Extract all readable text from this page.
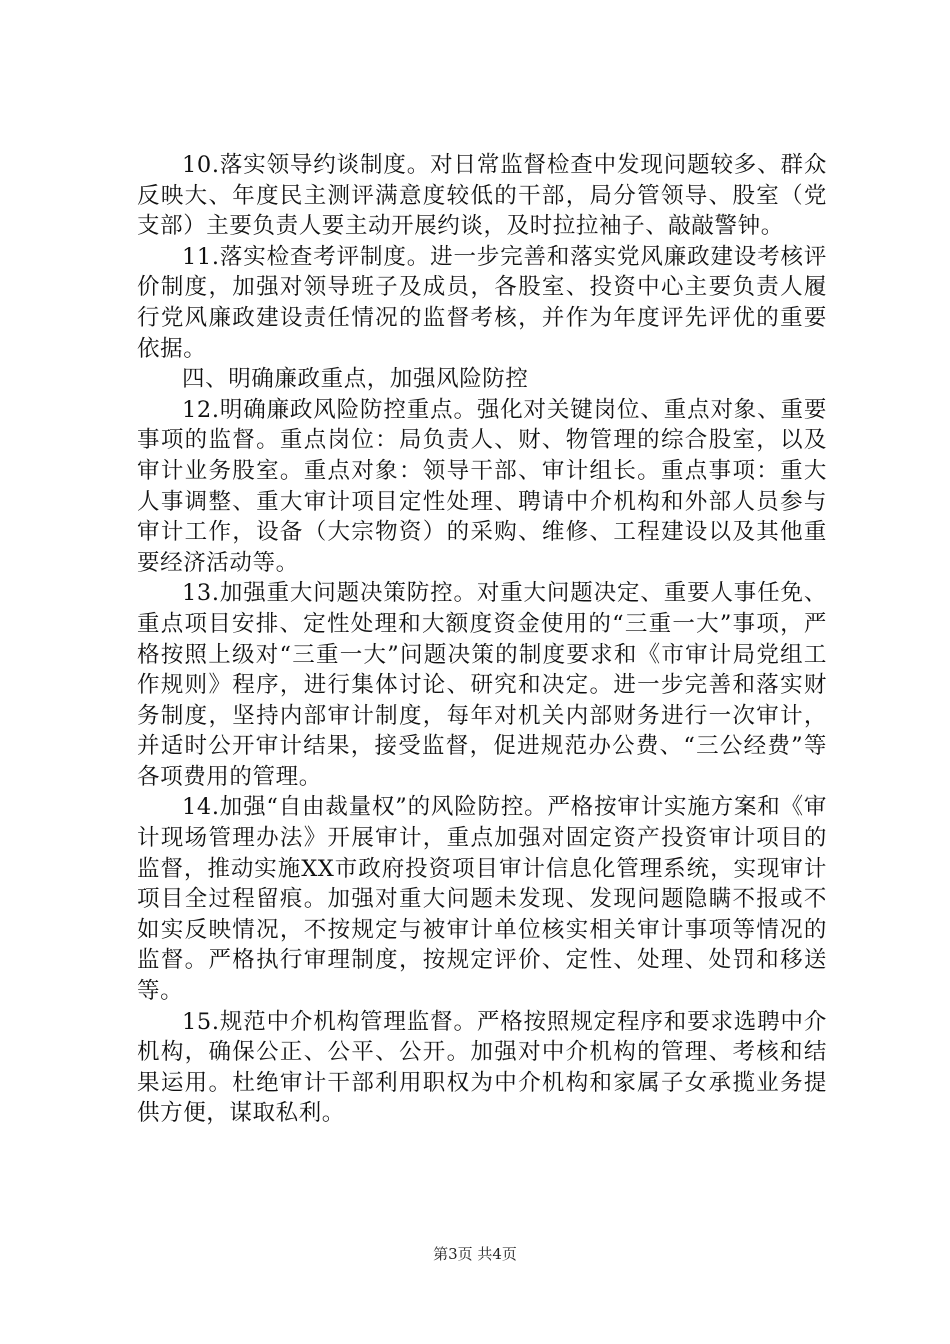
10.落实领导约谈制度。对日常监督检查中发现问题较多、群众反映大、年度民主测评满意度较低的干部，局分管领导、股室（党支部）主要负责人要主动开展约谈，及时拉拉袖子、敲敲警钟。

11.落实检查考评制度。进一步完善和落实党风廉政建设考核评价制度，加强对领导班子及成员，各股室、投资中心主要负责人履行党风廉政建设责任情况的监督考核，并作为年度评先评优的重要依据。

四、明确廉政重点，加强风险防控

12.明确廉政风险防控重点。强化对关键岗位、重点对象、重要事项的监督。重点岗位：局负责人、财、物管理的综合股室，以及审计业务股室。重点对象：领导干部、审计组长。重点事项：重大人事调整、重大审计项目定性处理、聘请中介机构和外部人员参与审计工作，设备（大宗物资）的采购、维修、工程建设以及其他重要经济活动等。

13.加强重大问题决策防控。对重大问题决定、重要人事任免、重点项目安排、定性处理和大额度资金使用的“三重一大”事项，严格按照上级对“三重一大”问题决策的制度要求和《市审计局党组工作规则》程序，进行集体讨论、研究和决定。进一步完善和落实财务制度，坚持内部审计制度，每年对机关内部财务进行一次审计，并适时公开审计结果，接受监督，促进规范办公费、“三公经费”等各项费用的管理。

14.加强“自由裁量权”的风险防控。严格按审计实施方案和《审计现场管理办法》开展审计，重点加强对固定资产投资审计项目的监督，推动实施XX市政府投资项目审计信息化管理系统，实现审计项目全过程留痕。加强对重大问题未发现、发现问题隐瞒不报或不如实反映情况，不按规定与被审计单位核实相关审计事项等情况的监督。严格执行审理制度，按规定评价、定性、处理、处罚和移送等。

15.规范中介机构管理监督。严格按照规定程序和要求选聘中介机构，确保公正、公平、公开。加强对中介机构的管理、考核和结果运用。杜绝审计干部利用职权为中介机构和家属子女承揽业务提供方便，谋取私利。

第3页 共4页
